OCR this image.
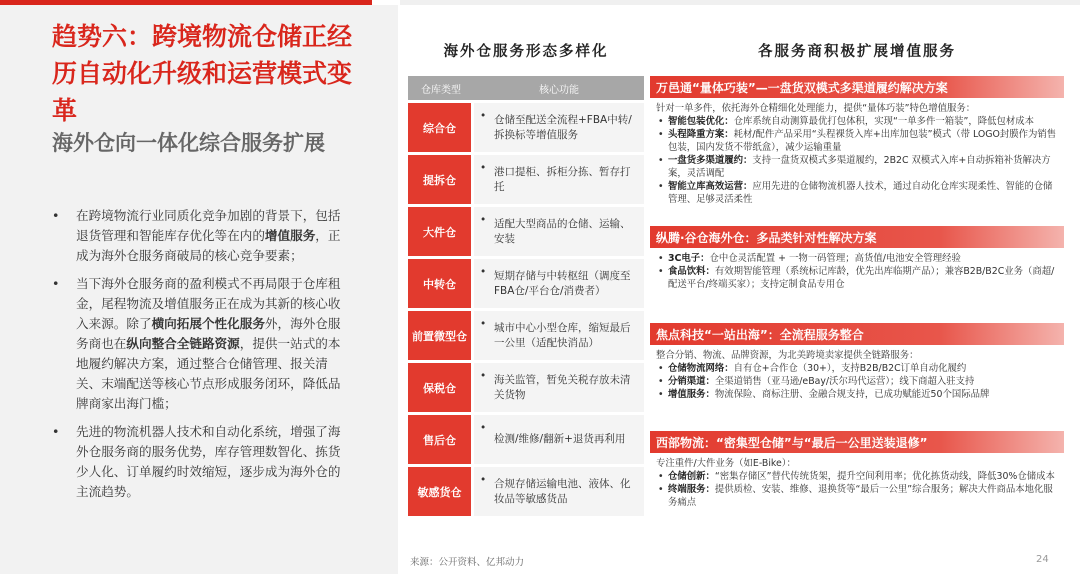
趋势六：跨境物流仓储正经历自动化升级和运营模式变革
海外仓向一体化综合服务扩展
• 在跨境物流行业同质化竞争加剧的背景下，包括退货管理和智能库存优化等在内的增值服务，正成为海外仓服务商破局的核心竞争要素；
• 当下海外仓服务商的盈利模式不再局限于仓库租金，尾程物流及增值服务正在成为其新的核心收入来源。除了横向拓展个性化服务外，海外仓服务商也在纵向整合全链路资源，提供一站式的本地履约解决方案，通过整合仓储管理、报关清关、末端配送等核心节点形成服务闭环，降低品牌商家出海门槛；
• 先进的物流机器人技术和自动化系统，增强了海外仓服务商的服务优势，库存管理数智化、拣货少人化、订单履约时效缩短，逐步成为海外仓的主流趋势。
海外仓服务形态多样化	各服务商积极扩展增值服务
仓库类型	核心功能
综合仓
• 仓储至配送全流程+FBA中转/拆换标等增值服务
提拆仓
• 港口提柜、拆柜分拣、暂存打托
大件仓
• 适配大型商品的仓储、运输、安装
中转仓
• 短期存储与中转枢纽（调度至FBA仓/平台仓/消费者）
前置微型仓
• 城市中心小型仓库，缩短最后一公里（适配快消品）
保税仓
• 海关监管，暂免关税存放未清关货物
售后仓
•
检测/维修/翻新+退货再利用
敏感货仓
• 合规存储运输电池、液体、化妆品等敏感货品
万邑通“量体巧装”—一盘货双模式多渠道履约解决方案

针对一单多件，依托海外仓精细化处理能力，提供“量体巧装”特色增值服务：

• 智能包装优化：仓库系统自动测算最优打包体积，实现“一单多件一箱装”，降低包材成本
• 头程降重方案：耗材/配件产品采用“头程裸货入库+出库加包装”模式（带 LOGO封膜作为销售包装，国内发货不带纸盒），减少运输重量
• 一盘货多渠道履约：支持一盘货双模式多渠道履约，2B2C 双模式入库+自动拆箱补货解决方案，灵活调配
• 智能立库高效运营：应用先进的仓储物流机器人技术，通过自动化仓库实现柔性、智能的仓储管理、足够灵活柔性
纵腾·谷仓海外仓：多品类针对性解决方案
• 3C电子：仓中仓灵活配置 + 一物一码管理；高货值/电池安全管理经验
• 食品饮料：有效期智能管理（系统标记库龄，优先出库临期产品）；兼容B2B/B2C业务（商超/配送平台/终端买家）；支持定制食品专用仓
焦点科技“一站出海”：全流程服务整合

整合分销、物流、品牌资源，为北美跨境卖家提供全链路服务：

• 仓储物流网络：自有仓+合作仓（30+），支持B2B/B2C订单自动化履约
• 分销渠道：全渠道销售（亚马逊/eBay/沃尔玛代运营）；线下商超入驻支持
• 增值服务：物流保险、商标注册、金融合规支持，已成功赋能近50个国际品牌
西部物流：“密集型仓储”与“最后一公里送装退修”

专注重件/大件业务（如E-Bike）：

• 仓储创新：“密集存储区”替代传统货架，提升空间利用率；优化拣货动线，降低30%仓储成本
• 终端服务：提供质检、安装、维修、退换货等“最后一公里”综合服务；解决大件商品本地化服务痛点
来源：公开资料、亿邦动力	24
